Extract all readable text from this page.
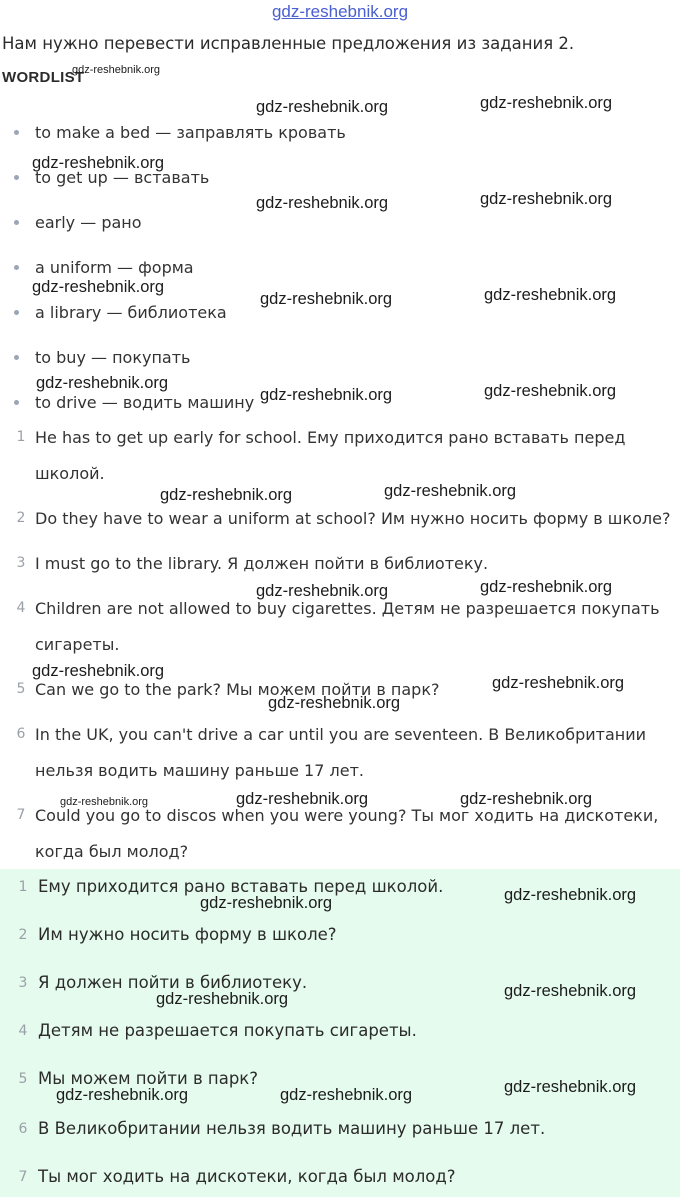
gdz-reshebnik.org
Нам нужно перевести исправленные предложения из задания 2.
WORDLIST
to make a bed — заправлять кровать
to get up — вставать
early — рано
a uniform — форма
a library — библиотека
to buy — покупать
to drive — водить машину
1 He has to get up early for school. Ему приходится рано вставать перед школой.
2 Do they have to wear a uniform at school? Им нужно носить форму в школе?
3 I must go to the library. Я должен пойти в библиотеку.
4 Children are not allowed to buy cigarettes. Детям не разрешается покупать сигареты.
5 Can we go to the park? Мы можем пойти в парк?
6 In the UK, you can't drive a car until you are seventeen. В Великобритании нельзя водить машину раньше 17 лет.
7 Could you go to discos when you were young? Ты мог ходить на дискотеки, когда был молод?
1 Ему приходится рано вставать перед школой.
2 Им нужно носить форму в школе?
3 Я должен пойти в библиотеку.
4 Детям не разрешается покупать сигареты.
5 Мы можем пойти в парк?
6 В Великобритании нельзя водить машину раньше 17 лет.
7 Ты мог ходить на дискотеки, когда был молод?
gdz-reshebnik.org
gdz-reshebnik.org	gdz-reshebnik.org
gdz-reshebnik.org
gdz-reshebnik.org	gdz-reshebnik.org
gdz-reshebnik.org
gdz-reshebnik.org	gdz-reshebnik.org
gdz-reshebnik.org
gdz-reshebnik.org	gdz-reshebnik.org
gdz-reshebnik.org	gdz-reshebnik.org
gdz-reshebnik.org	gdz-reshebnik.org
gdz-reshebnik.org
gdz-reshebnik.org
gdz-reshebnik.org
gdz-reshebnik.org	gdz-reshebnik.org	gdz-reshebnik.org
gdz-reshebnik.org	gdz-reshebnik.org
gdz-reshebnik.org	gdz-reshebnik.org
gdz-reshebnik.org
gdz-reshebnik.org	gdz-reshebnik.org
